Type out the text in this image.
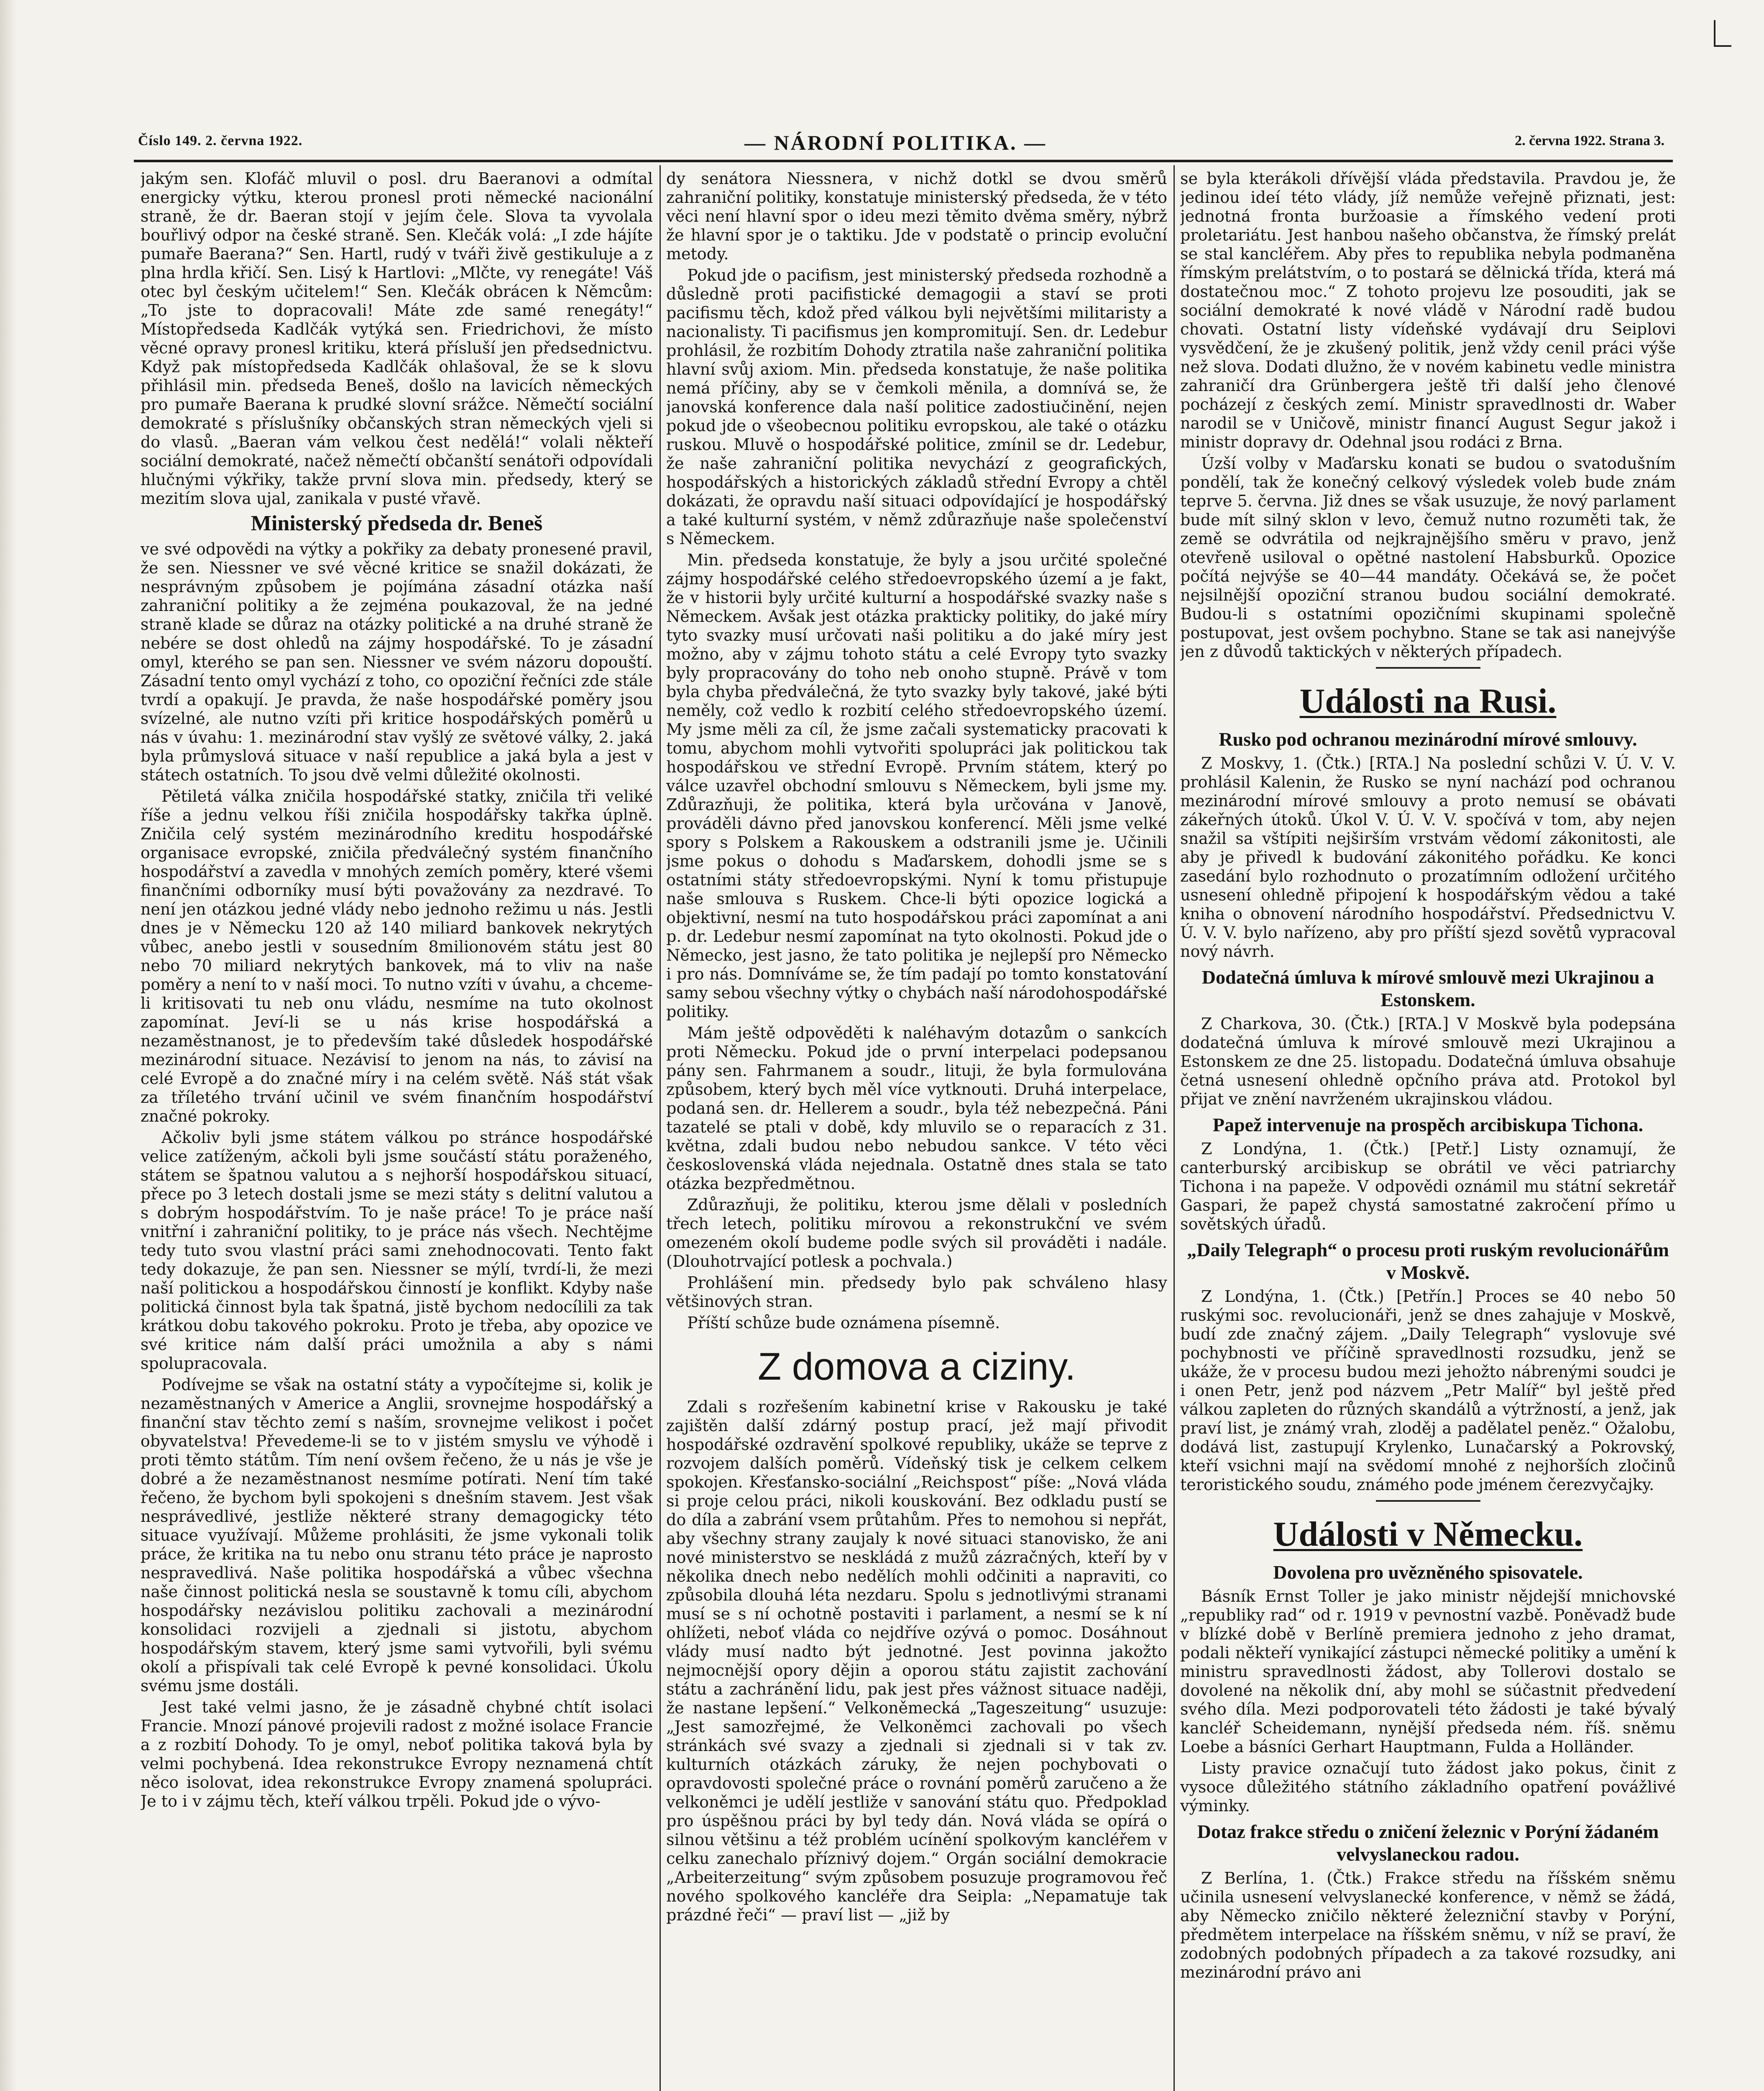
Číslo 149. 2. června 1922.	— NÁRODNÍ POLITIKA. —	2. června 1922. Strana 3.

jakým sen. Klofáč mluvil o posl. dru Baeranovi a odmítal energicky výtku, kterou pronesl proti německé nacionální straně, že dr. Baeran stojí v jejím čele. Slova ta vyvolala bouřlivý odpor na české straně. Sen. Klečák volá: „I zde hájíte pumaře Baerana?“ Sen. Hartl, rudý v tváři živě gestikuluje a z plna hrdla křičí. Sen. Lisý k Hartlovi: „Mlčte, vy renegáte! Váš otec byl českým učitelem!“ Sen. Klečák obrácen k Němcům: „To jste to dopracovali! Máte zde samé renegáty!“ Místopředseda Kadlčák vytýká sen. Friedrichovi, že místo věcné opravy pronesl kritiku, která přísluší jen předsednictvu. Když pak místopředseda Kadlčák ohlašoval, že se k slovu přihlásil min. předseda Beneš, došlo na lavicích německých pro pumaře Baerana k prudké slovní srážce. Němečtí sociální demokraté s příslušníky občanských stran německých vjeli si do vlasů. „Baeran vám velkou čest nedělá!“ volali někteří sociální demokraté, načež němečtí občanští senátoři odpovídali hlučnými výkřiky, takže první slova min. předsedy, který se mezitím slova ujal, zanikala v pusté vřavě.

Ministerský předseda dr. Beneš

ve své odpovědi na výtky a pokřiky za debaty pronesené pravil, že sen. Niessner ve své věcné kritice se snažil dokázati, že nesprávným způsobem je pojímána zásadní otázka naší zahraniční politiky a že zejména poukazoval, že na jedné straně klade se důraz na otázky politické a na druhé straně že nebére se dost ohledů na zájmy hospodářské. To je zásadní omyl, kterého se pan sen. Niessner ve svém názoru dopouští. Zásadní tento omyl vychází z toho, co opoziční řečníci zde stále tvrdí a opakují. Je pravda, že naše hospodářské poměry jsou svízelné, ale nutno vzíti při kritice hospodářských poměrů u nás v úvahu: 1. mezinárodní stav vyšlý ze světové války, 2. jaká byla průmyslová situace v naší republice a jaká byla a jest v státech ostatních. To jsou dvě velmi důležité okolnosti.

Pětiletá válka zničila hospodářské statky, zničila tři veliké říše a jednu velkou říši zničila hospodářsky takřka úplně. Zničila celý systém mezinárodního kreditu hospodářské organisace evropské, zničila předválečný systém finančního hospodářství a zavedla v mnohých zemích poměry, které všemi finančními odborníky musí býti považovány za nezdravé. To není jen otázkou jedné vlády nebo jednoho režimu u nás. Jestli dnes je v Německu 120 až 140 miliard bankovek nekrytých vůbec, anebo jestli v sousedním 8milionovém státu jest 80 nebo 70 miliard nekrytých bankovek, má to vliv na naše poměry a není to v naší moci. To nutno vzíti v úvahu, a chceme-li kritisovati tu neb onu vládu, nesmíme na tuto okolnost zapomínat. Jeví-li se u nás krise hospodářská a nezaměstnanost, je to především také důsledek hospodářské mezinárodní situace. Nezávisí to jenom na nás, to závisí na celé Evropě a do značné míry i na celém světě. Náš stát však za tříletého trvání učinil ve svém finančním hospodářství značné pokroky.

Ačkoliv byli jsme státem válkou po stránce hospodářské velice zatíženým, ačkoli byli jsme součástí státu poraženého, státem se špatnou valutou a s nejhorší hospodářskou situací, přece po 3 letech dostali jsme se mezi státy s delitní valutou a s dobrým hospodářstvím. To je naše práce! To je práce naší vnitřní i zahraniční politiky, to je práce nás všech. Nechtějme tedy tuto svou vlastní práci sami znehodnocovati. Tento fakt tedy dokazuje, že pan sen. Niessner se mýlí, tvrdí-li, že mezi naší politickou a hospodářskou činností je konflikt. Kdyby naše politická činnost byla tak špatná, jistě bychom nedocílili za tak krátkou dobu takového pokroku. Proto je třeba, aby opozice ve své kritice nám další práci umožnila a aby s námi spolupracovala.

Podívejme se však na ostatní státy a vypočítejme si, kolik je nezaměstnaných v Americe a Anglii, srovnejme hospodářský a finanční stav těchto zemí s naším, srovnejme velikost i počet obyvatelstva! Převedeme-li se to v jistém smyslu ve výhodě i proti těmto státům. Tím není ovšem řečeno, že u nás je vše je dobré a že nezaměstnanost nesmíme potírati. Není tím také řečeno, že bychom byli spokojeni s dnešním stavem. Jest však nesprávedlivé, jestliže některé strany demagogicky této situace využívají. Můžeme prohlásiti, že jsme vykonali tolik práce, že kritika na tu nebo onu stranu této práce je naprosto nespravedlivá. Naše politika hospodářská a vůbec všechna naše činnost politická nesla se soustavně k tomu cíli, abychom hospodářsky nezávislou politiku zachovali a mezinárodní konsolidaci rozvijeli a zjednali si jistotu, abychom hospodářským stavem, který jsme sami vytvořili, byli svému okolí a přispívali tak celé Evropě k pevné konsolidaci. Úkolu svému jsme dostáli.

Jest také velmi jasno, že je zásadně chybné chtít isolaci Francie. Mnozí pánové projevili radost z možné isolace Francie a z rozbití Dohody. To je omyl, neboť politika taková byla by velmi pochybená. Idea rekonstrukce Evropy neznamená chtít něco isolovat, idea rekonstrukce Evropy znamená spolupráci. Je to i v zájmu těch, kteří válkou trpěli. Pokud jde o vývo-

dy senátora Niessnera, v nichž dotkl se dvou směrů zahraniční politiky, konstatuje ministerský předseda, že v této věci není hlavní spor o ideu mezi těmito dvěma směry, nýbrž že hlavní spor je o taktiku. Jde v podstatě o princip evoluční metody.

Pokud jde o pacifism, jest ministerský předseda rozhodně a důsledně proti pacifistické demagogii a staví se proti pacifismu těch, kdož před válkou byli největšími militaristy a nacionalisty. Ti pacifismus jen kompromitují. Sen. dr. Ledebur prohlásil, že rozbitím Dohody ztratila naše zahraniční politika hlavní svůj axiom. Min. předseda konstatuje, že naše politika nemá příčiny, aby se v čemkoli měnila, a domnívá se, že janovská konference dala naší politice zadostiučinění, nejen pokud jde o všeobecnou politiku evropskou, ale také o otázku ruskou. Mluvě o hospodářské politice, zmínil se dr. Ledebur, že naše zahraniční politika nevychází z geografických, hospodářských a historických základů střední Evropy a chtěl dokázati, že opravdu naší situaci odpovídající je hospodářský a také kulturní systém, v němž zdůrazňuje naše společenství s Německem.

Min. předseda konstatuje, že byly a jsou určité společné zájmy hospodářské celého středoevropského území a je fakt, že v historii byly určité kulturní a hospodářské svazky naše s Německem. Avšak jest otázka prakticky politiky, do jaké míry tyto svazky musí určovati naši politiku a do jaké míry jest možno, aby v zájmu tohoto státu a celé Evropy tyto svazky byly propracovány do toho neb onoho stupně. Právě v tom byla chyba předválečná, že tyto svazky byly takové, jaké býti neměly, což vedlo k rozbití celého středoevropského území. My jsme měli za cíl, že jsme začali systematicky pracovati k tomu, abychom mohli vytvořiti spolupráci jak politickou tak hospodářskou ve střední Evropě. Prvním státem, který po válce uzavřel obchodní smlouvu s Německem, byli jsme my. Zdůrazňuji, že politika, která byla určována v Janově, prováděli dávno před janovskou konferencí. Měli jsme velké spory s Polskem a Rakouskem a odstranili jsme je. Učinili jsme pokus o dohodu s Maďarskem, dohodli jsme se s ostatními státy středoevropskými. Nyní k tomu přistupuje naše smlouva s Ruskem. Chce-li býti opozice logická a objektivní, nesmí na tuto hospodářskou práci zapomínat a ani p. dr. Ledebur nesmí zapomínat na tyto okolnosti. Pokud jde o Německo, jest jasno, že tato politika je nejlepší pro Německo i pro nás. Domníváme se, že tím padají po tomto konstatování samy sebou všechny výtky o chybách naší národohospodářské politiky.

Mám ještě odpověděti k naléhavým dotazům o sankcích proti Německu. Pokud jde o první interpelaci podepsanou pány sen. Fahrmanem a soudr., lituji, že byla formulována způsobem, který bych měl více vytknouti. Druhá interpelace, podaná sen. dr. Hellerem a soudr., byla též nebezpečná. Páni tazatelé se ptali v době, kdy mluvilo se o reparacích z 31. května, zdali budou nebo nebudou sankce. V této věci československá vláda nejednala. Ostatně dnes stala se tato otázka bezpředmětnou.

Zdůrazňuji, že politiku, kterou jsme dělali v posledních třech letech, politiku mírovou a rekonstrukční ve svém omezeném okolí budeme podle svých sil prováděti i nadále. (Dlouhotrvající potlesk a pochvala.)

Prohlášení min. předsedy bylo pak schváleno hlasy většinových stran.

Příští schůze bude oznámena písemně.

Z domova a ciziny.

Zdali s rozřešením kabinetní krise v Rakousku je také zajištěn další zdárný postup prací, jež mají přivodit hospodářské ozdravění spolkové republiky, ukáže se teprve z rozvojem dalších poměrů. Vídeňský tisk je celkem celkem spokojen. Křesťansko-sociální „Reichspost“ píše: „Nová vláda si proje celou práci, nikoli kouskování. Bez odkladu pustí se do díla a zabrání vsem průtahům. Přes to nemohou si nepřát, aby všechny strany zaujaly k nové situaci stanovisko, že ani nové ministerstvo se neskládá z mužů zázračných, kteří by v několika dnech nebo nedělích mohli odčiniti a napraviti, co způsobila dlouhá léta nezdaru. Spolu s jednotlivými stranami musí se s ní ochotně postaviti i parlament, a nesmí se k ní ohlížeti, neboť vláda co nejdříve ozývá o pomoc. Dosáhnout vlády musí nadto být jednotné. Jest povinna jakožto nejmocnější opory dějin a oporou státu zajistit zachování státu a zachránění lidu, pak jest přes vážnost situace naději, že nastane lepšení.“ Velkoněmecká „Tageszeitung“ usuzuje: „Jest samozřejmé, že Velkoněmci zachovali po všech stránkách své svazy a zjednali si zjednali si v tak zv. kulturních otázkách záruky, že nejen pochybovati o opravdovosti společné práce o rovnání poměrů zaručeno a že velkoněmci je udělí jestliže v sanování státu quo. Předpoklad pro úspěšnou práci by byl tedy dán. Nová vláda se opírá o silnou většinu a též problém ucínění spolkovým kancléřem v celku zanechalo příznivý dojem.“ Orgán sociální demokracie „Arbeiterzeitung“ svým způsobem posuzuje programovou řeč nového spolkového kancléře dra Seipla: „Nepamatuje tak prázdné řeči“ — praví list — „již by

se byla kterákoli dřívější vláda představila. Pravdou je, že jedinou ideí této vlády, jíž nemůže veřejně přiznati, jest: jednotná fronta buržoasie a římského vedení proti proletariátu. Jest hanbou našeho občanstva, že římský prelát se stal kancléřem. Aby přes to republika nebyla podmaněna římským prelátstvím, o to postará se dělnická třída, která má dostatečnou moc.“ Z tohoto projevu lze posouditi, jak se sociální demokraté k nové vládě v Národní radě budou chovati. Ostatní listy vídeňské vydávají dru Seiplovi vysvědčení, že je zkušený politik, jenž vždy cenil práci výše než slova. Dodati dlužno, že v novém kabinetu vedle ministra zahraničí dra Grünbergera ještě tři další jeho členové pocházejí z českých zemí. Ministr spravedlnosti dr. Waber narodil se v Uničově, ministr financí August Segur jakož i ministr dopravy dr. Odehnal jsou rodáci z Brna.

Úzší volby v Maďarsku konati se budou o svatodušním pondělí, tak že konečný celkový výsledek voleb bude znám teprve 5. června. Již dnes se však usuzuje, že nový parlament bude mít silný sklon v levo, čemuž nutno rozuměti tak, že země se odvrátila od nejkrajnějšího směru v pravo, jenž otevřeně usiloval o opětné nastolení Habsburků. Opozice počítá nejvýše se 40—44 mandáty. Očekává se, že počet nejsilnější opoziční stranou budou sociální demokraté. Budou-li s ostatními opozičními skupinami společně postupovat, jest ovšem pochybno. Stane se tak asi nanejvýše jen z důvodů taktických v některých případech.

Události na Rusi.
Rusko pod ochranou mezinárodní mírové smlouvy.

Z Moskvy, 1. (Čtk.) [RTA.] Na poslední schůzi V. Ú. V. V. prohlásil Kalenin, že Rusko se nyní nachází pod ochranou mezinárodní mírové smlouvy a proto nemusí se obávati zákeřných útoků. Úkol V. Ú. V. V. spočívá v tom, aby nejen snažil sa vštípiti nejširším vrstvám vědomí zákonitosti, ale aby je přivedl k budování zákonitého pořádku. Ke konci zasedání bylo rozhodnuto o prozatímním odložení určitého usnesení ohledně připojení k hospodářským vědou a také kniha o obnovení národního hospodářství. Předsednictvu V. Ú. V. V. bylo nařízeno, aby pro příští sjezd sovětů vypracoval nový návrh.

Dodatečná úmluva k mírové smlouvě mezi Ukrajinou a Estonskem.

Z Charkova, 30. (Čtk.) [RTA.] V Moskvě byla podepsána dodatečná úmluva k mírové smlouvě mezi Ukrajinou a Estonskem ze dne 25. listopadu. Dodatečná úmluva obsahuje četná usnesení ohledně opčního práva atd. Protokol byl přijat ve znění navrženém ukrajinskou vládou.

Papež intervenuje na prospěch arcibiskupa Tichona.

Z Londýna, 1. (Čtk.) [Petř.] Listy oznamují, že canterburský arcibiskup se obrátil ve věci patriarchy Tichona i na papeže. V odpovědi oznámil mu státní sekretář Gaspari, že papež chystá samostatné zakročení přímo u sovětských úřadů.

„Daily Telegraph“ o procesu proti ruským revolucionářům v Moskvě.

Z Londýna, 1. (Čtk.) [Petřín.] Proces se 40 nebo 50 ruskými soc. revolucionáři, jenž se dnes zahajuje v Moskvě, budí zde značný zájem. „Daily Telegraph“ vyslovuje své pochybnosti ve příčině spravedlnosti rozsudku, jenž se ukáže, že v procesu budou mezi jehožto nábrenými soudci je i onen Petr, jenž pod názvem „Petr Malíř“ byl ještě před válkou zapleten do různých skandálů a výtržností, a jenž, jak praví list, je známý vrah, zloděj a padělatel peněz.“ Ožalobu, dodává list, zastupují Krylenko, Lunačarský a Pokrovský, kteří vsichni mají na svědomí mnohé z nejhorších zločinů teroristického soudu, známého pode jménem čerezvyčajky.

Události v Německu.
Dovolena pro uvězněného spisovatele.

Básník Ernst Toller je jako ministr nějdejší mnichovské „republiky rad“ od r. 1919 v pevnostní vazbě. Poněvadž bude v blízké době v Berlíně premiera jednoho z jeho dramat, podali někteří vynikající zástupci německé politiky a umění k ministru spravedlnosti žádost, aby Tollerovi dostalo se dovolené na několik dní, aby mohl se súčastnit předvedení svého díla. Mezi podporovateli této žádosti je také bývalý kancléř Scheidemann, nynější předseda ném. říš. sněmu Loebe a básníci Gerhart Hauptmann, Fulda a Holländer.

Listy pravice označují tuto žádost jako pokus, činit z vysoce důležitého státního základního opatření povážlivé výminky.

Dotaz frakce středu o zničení železnic v Porýní žádaném velvyslaneckou radou.

Z Berlína, 1. (Čtk.) Frakce středu na říšském sněmu učinila usnesení velvyslanecké konference, v němž se žádá, aby Německo zničilo některé železniční stavby v Porýní, předmětem interpelace na říšském sněmu, v níž se praví, že zodobných podobných případech a za takové rozsudky, ani mezinárodní právo ani
